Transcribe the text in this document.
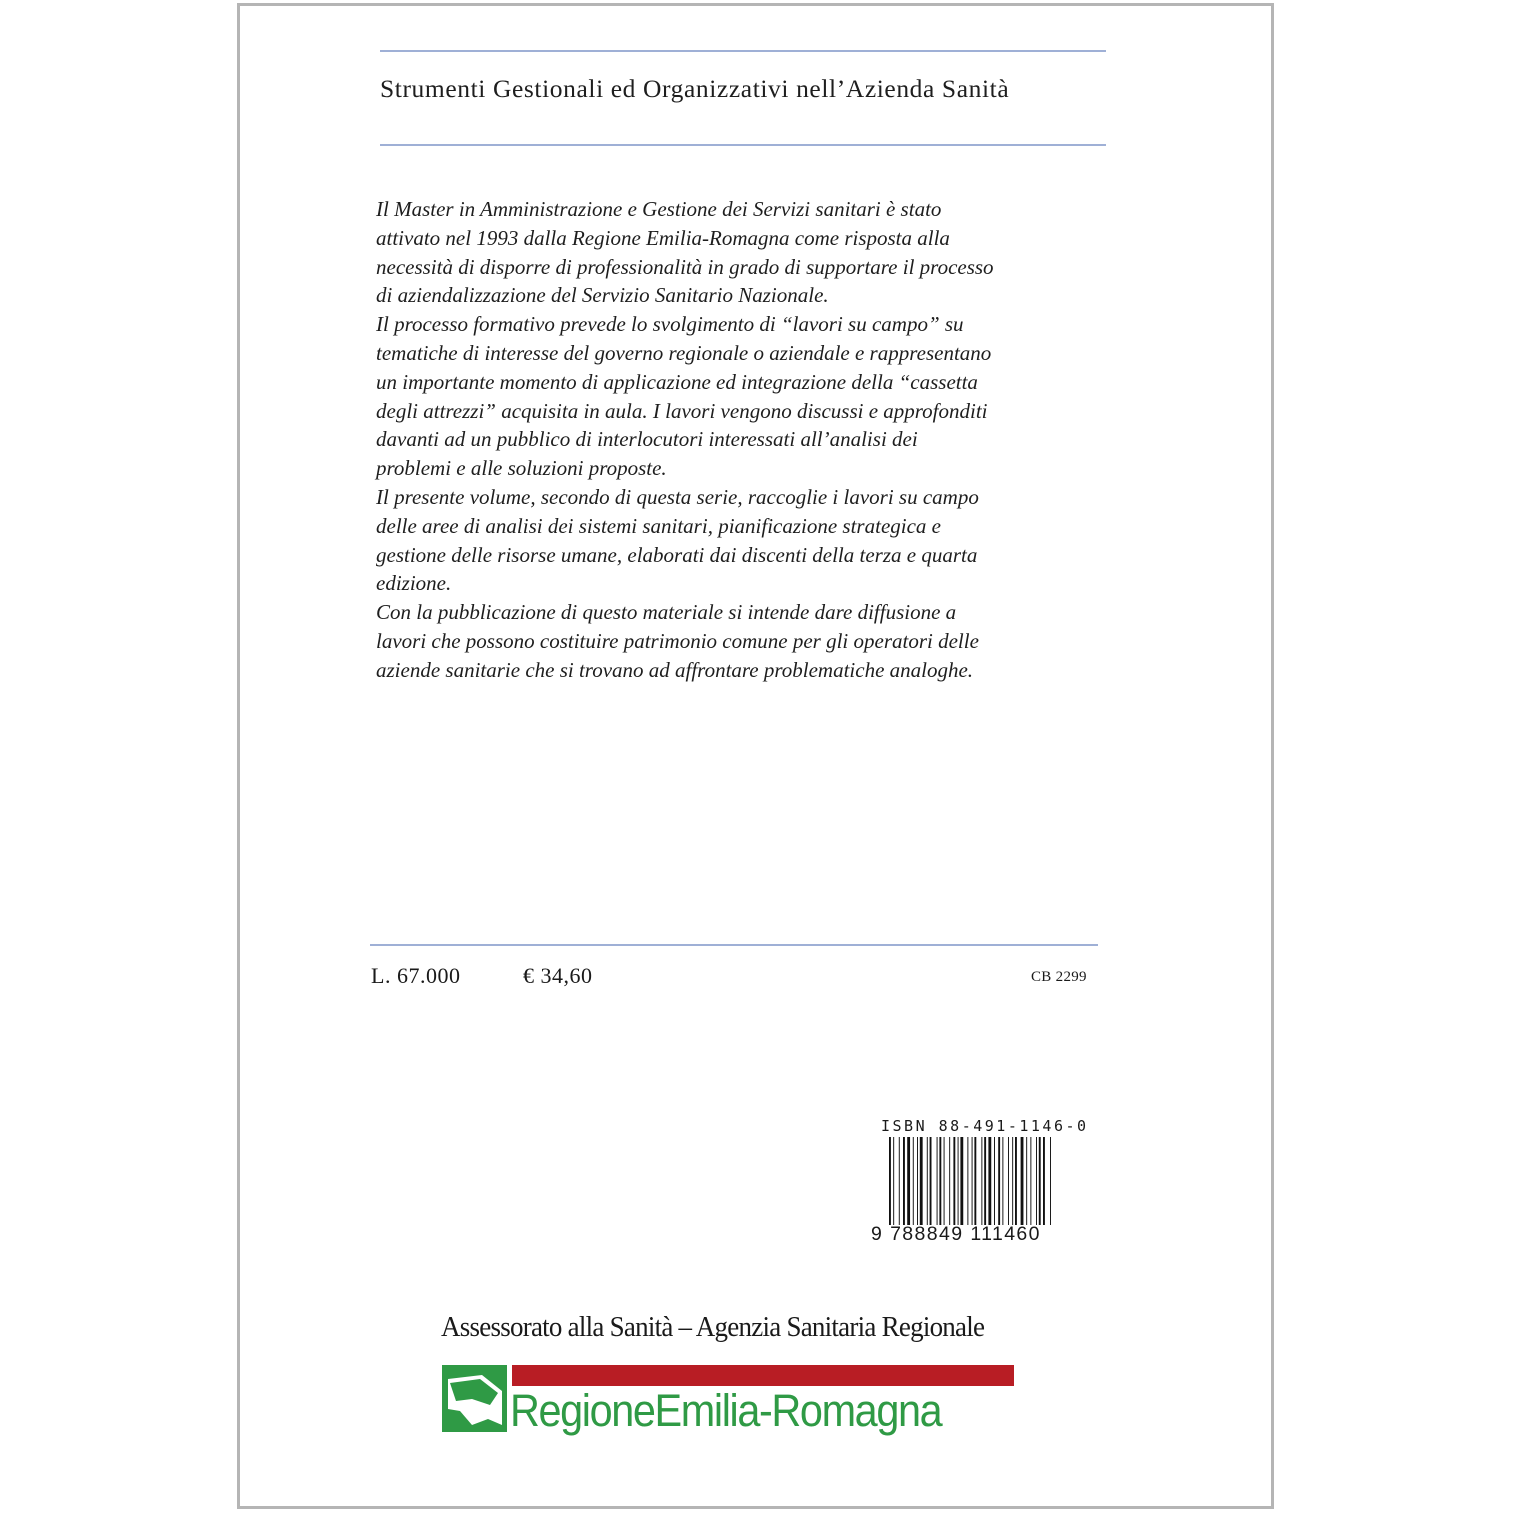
Strumenti Gestionali ed Organizzativi nell’Azienda Sanità

Il Master in Amministrazione e Gestione dei Servizi sanitari è stato

attivato nel 1993 dalla Regione Emilia-Romagna come risposta alla

necessità di disporre di professionalità in grado di supportare il processo

di aziendalizzazione del Servizio Sanitario Nazionale.

Il processo formativo prevede lo svolgimento di “lavori su campo” su

tematiche di interesse del governo regionale o aziendale e rappresentano

un importante momento di applicazione ed integrazione della “cassetta

degli attrezzi” acquisita in aula. I lavori vengono discussi e approfonditi

davanti ad un pubblico di interlocutori interessati all’analisi dei

problemi e alle soluzioni proposte.

Il presente volume, secondo di questa serie, raccoglie i lavori su campo

delle aree di analisi dei sistemi sanitari, pianificazione strategica e

gestione delle risorse umane, elaborati dai discenti della terza e quarta

edizione.

Con la pubblicazione di questo materiale si intende dare diffusione a

lavori che possono costituire patrimonio comune per gli operatori delle

aziende sanitarie che si trovano ad affrontare problematiche analoghe.

L. 67.000	€ 34,60	CB 2299
ISBN 88-491-1146-0
9 788849 111460
Assessorato alla Sanità – Agenzia Sanitaria Regionale
RegioneEmilia-Romagna
